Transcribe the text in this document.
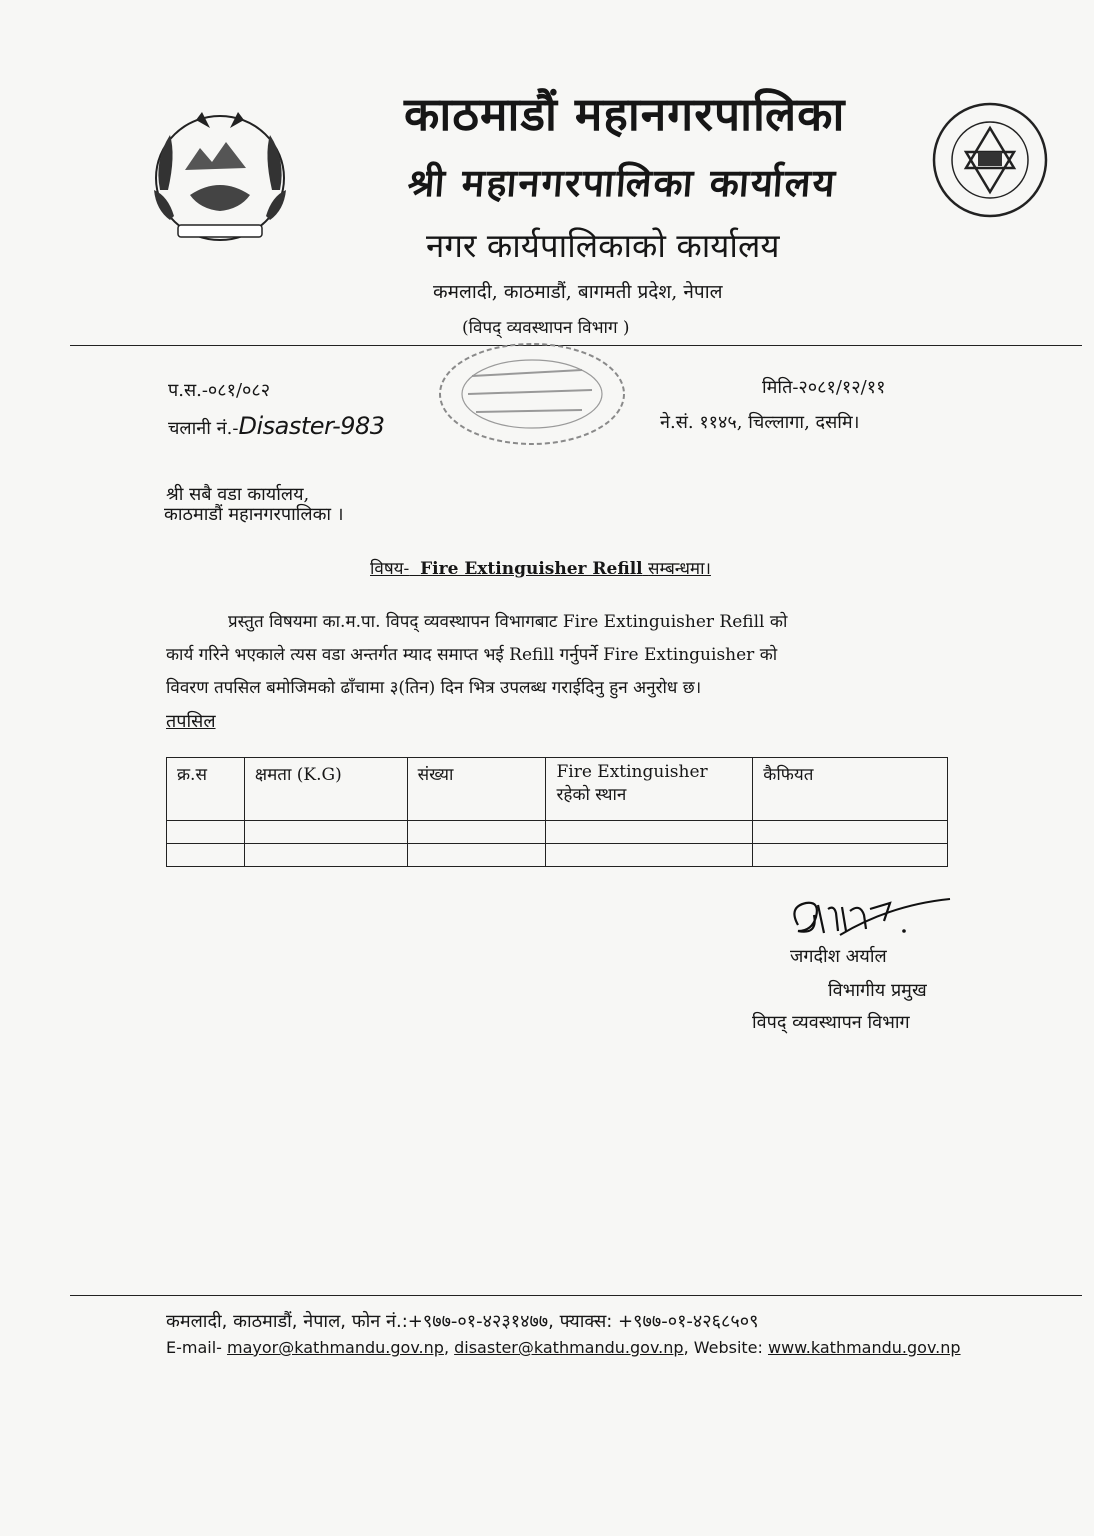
काठमाडौं महानगरपालिका
श्री महानगरपालिका कार्यालय
नगर कार्यपालिकाको कार्यालय
कमलादी, काठमाडौं, बागमती प्रदेश, नेपाल
(विपद् व्यवस्थापन विभाग )
प.स.-०८१/०८२
चलानी नं.-Disaster-983
मिति-२०८१/१२/११
ने.सं. ११४५, चिल्लागा, दसमि।
श्री सबै वडा कार्यालय,
काठमाडौं महानगरपालिका ।
विषय- Fire Extinguisher Refill सम्बन्धमा।
प्रस्तुत विषयमा का.म.पा. विपद् व्यवस्थापन विभागबाट Fire Extinguisher Refill को
कार्य गरिने भएकाले त्यस वडा अन्तर्गत म्याद समाप्त भई Refill गर्नुपर्ने Fire Extinguisher को
विवरण तपसिल बमोजिमको ढाँचामा ३(तिन) दिन भित्र उपलब्ध गराईदिनु हुन अनुरोध छ।
तपसिल
क्र.स	क्षमता (K.G)	संख्या	Fire Extinguisher रहेको स्थान	कैफियत

जगदीश अर्याल
विभागीय प्रमुख
विपद् व्यवस्थापन विभाग
कमलादी, काठमाडौं, नेपाल, फोन नं.:+९७७-०१-४२३१४७७, फ्याक्स: +९७७-०१-४२६८५०९
E-mail- mayor@kathmandu.gov.np, disaster@kathmandu.gov.np, Website: www.kathmandu.gov.np
